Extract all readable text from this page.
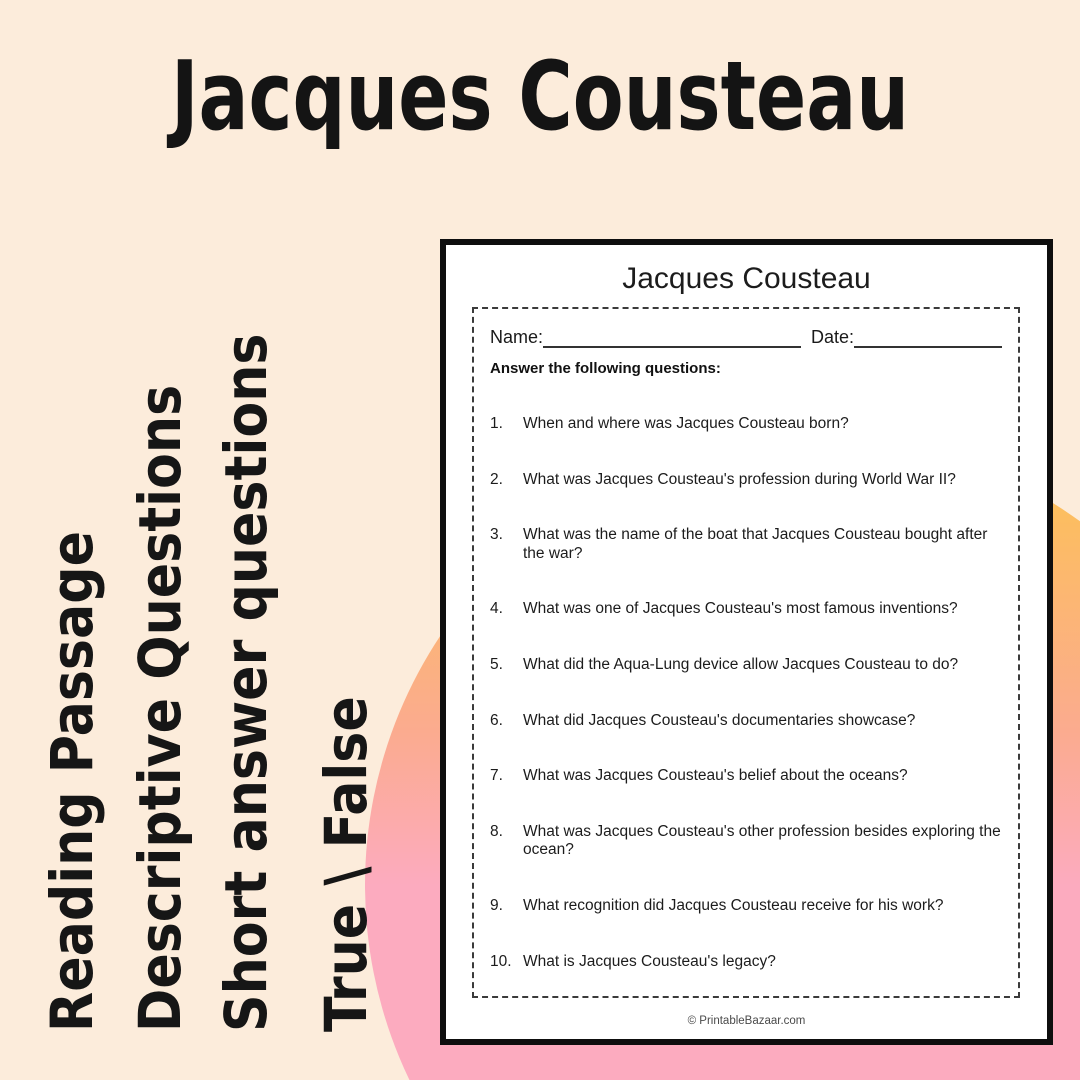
Jacques Cousteau
Reading Passage Descriptive Questions Short answer questions True \ False
Jacques Cousteau
Name:	Date:
Answer the following questions:
1.	When and where was Jacques Cousteau born?
2.	What was Jacques Cousteau's profession during World War II?
3.	What was the name of the boat that Jacques Cousteau bought after the war?
4.	What was one of Jacques Cousteau's most famous inventions?
5.	What did the Aqua-Lung device allow Jacques Cousteau to do?
6.	What did Jacques Cousteau's documentaries showcase?
7.	What was Jacques Cousteau's belief about the oceans?
8.	What was Jacques Cousteau's other profession besides exploring the ocean?
9.	What recognition did Jacques Cousteau receive for his work?
10. What is Jacques Cousteau's legacy?
© PrintableBazaar.com
